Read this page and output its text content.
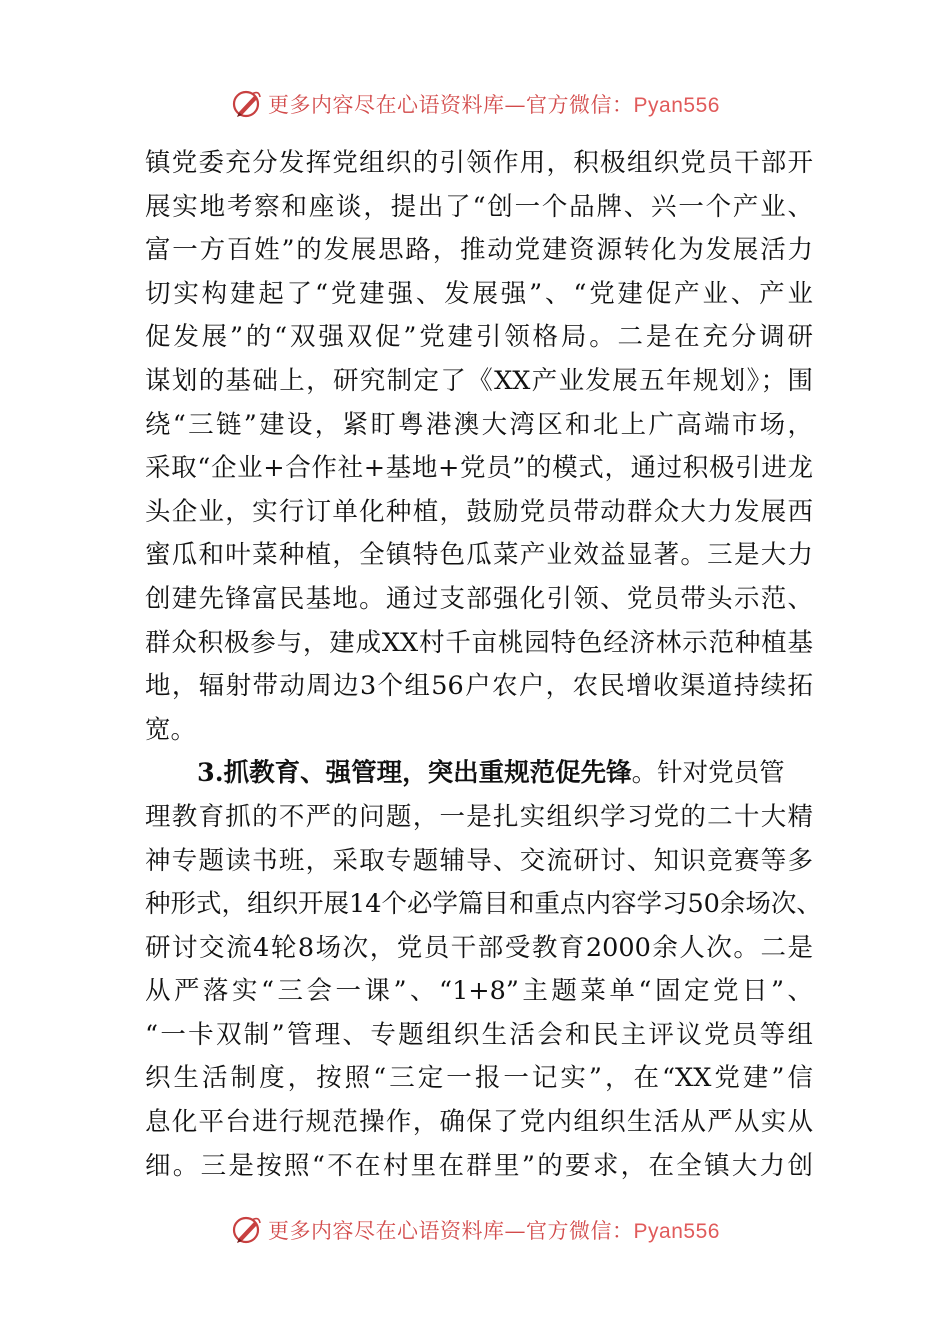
更多内容尽在心语资料库—官方微信：Pyan556
镇党委充分发挥党组织的引领作用，积极组织党员干部开
展实地考察和座谈，提出了“创一个品牌、兴一个产业、
富一方百姓”的发展思路，推动党建资源转化为发展活力
切实构建起了“党建强、发展强”、“党建促产业、产业
促发展”的“双强双促”党建引领格局。二是在充分调研
谋划的基础上，研究制定了《XX产业发展五年规划》；围
绕“三链”建设，紧盯粤港澳大湾区和北上广高端市场，
采取“企业+合作社+基地+党员”的模式，通过积极引进龙
头企业，实行订单化种植，鼓励党员带动群众大力发展西
蜜瓜和叶菜种植，全镇特色瓜菜产业效益显著。三是大力
创建先锋富民基地。通过支部强化引领、党员带头示范、
群众积极参与，建成XX村千亩桃园特色经济林示范种植基
地，辐射带动周边3个组56户农户，农民增收渠道持续拓
宽。
3.抓教育、强管理，突出重规范促先锋。针对党员管
理教育抓的不严的问题，一是扎实组织学习党的二十大精
神专题读书班，采取专题辅导、交流研讨、知识竞赛等多
种形式，组织开展14个必学篇目和重点内容学习50余场次、
研讨交流4轮8场次，党员干部受教育2000余人次。二是
从严落实“三会一课”、“1+8”主题菜单“固定党日”、
“一卡双制”管理、专题组织生活会和民主评议党员等组
织生活制度，按照“三定一报一记实”，在“XX党建”信
息化平台进行规范操作，确保了党内组织生活从严从实从
细。三是按照“不在村里在群里”的要求，在全镇大力创
更多内容尽在心语资料库—官方微信：Pyan556
